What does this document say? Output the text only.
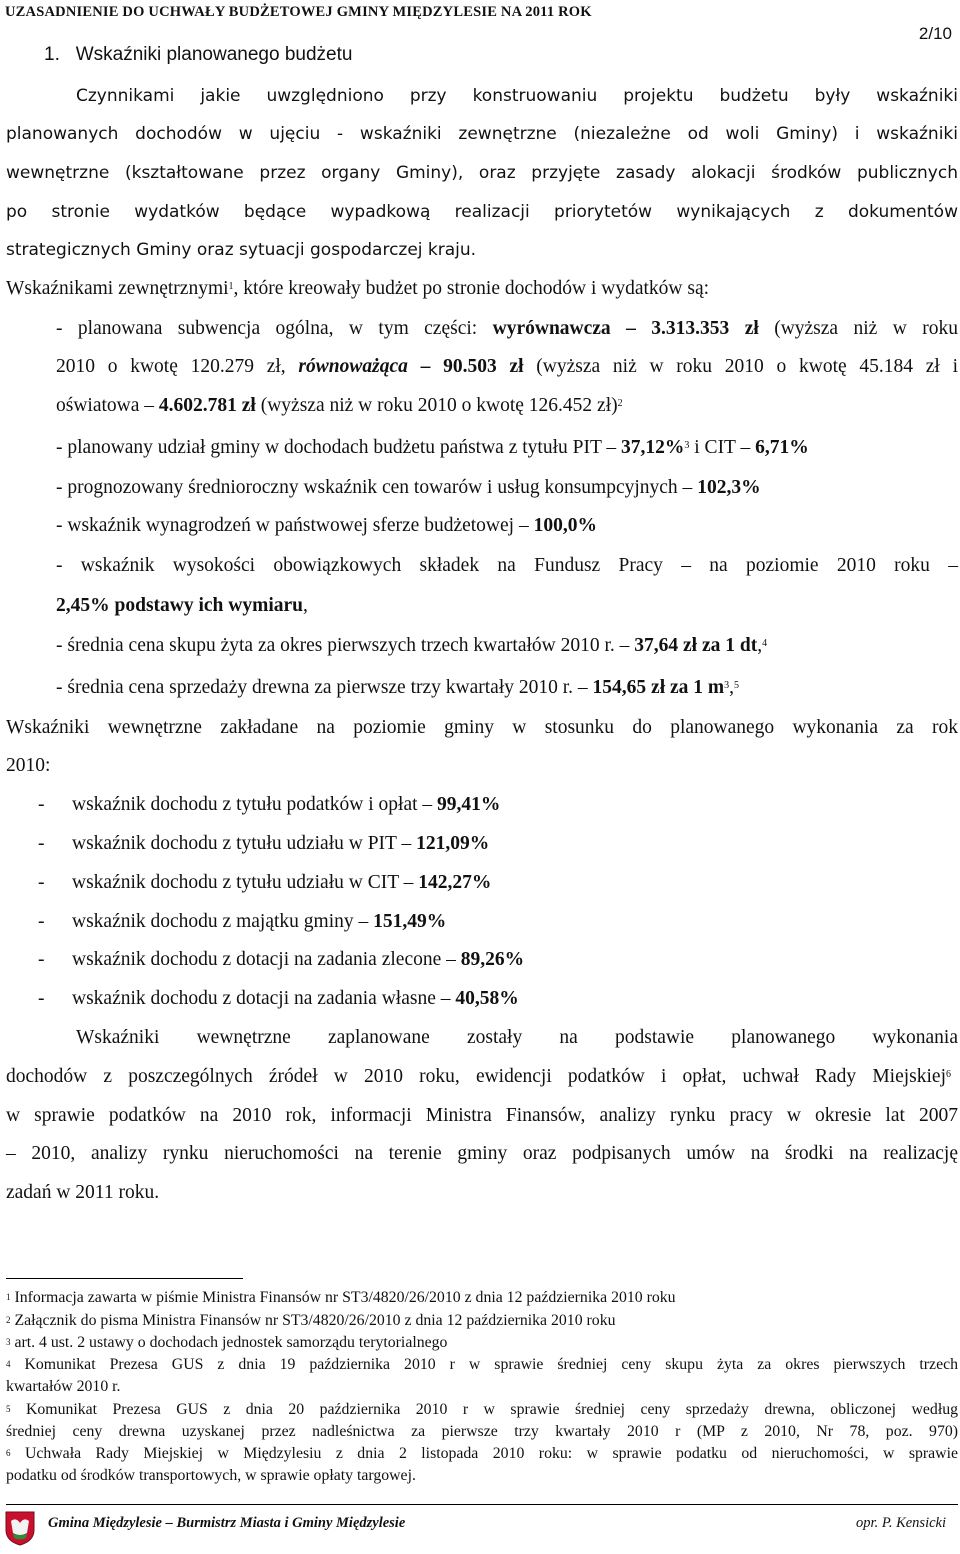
UZASADNIENIE DO UCHWAŁY BUDŻETOWEJ GMINY MIĘDZYLESIE NA 2011 ROK
2/10
1. Wskaźniki planowanego budżetu
Czynnikami jakie uwzględniono przy konstruowaniu projektu budżetu były wskaźniki
planowanych dochodów w ujęciu - wskaźniki zewnętrzne (niezależne od woli Gminy) i wskaźniki
wewnętrzne (kształtowane przez organy Gminy), oraz przyjęte zasady alokacji środków publicznych
po stronie wydatków będące wypadkową realizacji priorytetów wynikających z dokumentów
strategicznych Gminy oraz sytuacji gospodarczej kraju.
Wskaźnikami zewnętrznymi$^1$, które kreowały budżet po stronie dochodów i wydatków są:
- planowana subwencja ogólna, w tym części: wyrównawcza – 3.313.353 zł (wyższa niż w roku
2010 o kwotę 120.279 zł, równoważąca – 90.503 zł (wyższa niż w roku 2010 o kwotę 45.184 zł i
oświatowa – 4.602.781 zł (wyższa niż w roku 2010 o kwotę 126.452 zł)$^2$
- planowany udział gminy w dochodach budżetu państwa z tytułu PIT – 37,12%$^3$ i CIT – 6,71%
- prognozowany średnioroczny wskaźnik cen towarów i usług konsumpcyjnych – 102,3%
- wskaźnik wynagrodzeń w państwowej sferze budżetowej – 100,0%
- wskaźnik wysokości obowiązkowych składek na Fundusz Pracy – na poziomie 2010 roku –
2,45% podstawy ich wymiaru,
- średnia cena skupu żyta za okres pierwszych trzech kwartałów 2010 r. – 37,64 zł za 1 dt,$^4$
- średnia cena sprzedaży drewna za pierwsze trzy kwartały 2010 r. – 154,65 zł za 1 $m^3,^5$
Wskaźniki wewnętrzne zakładane na poziomie gminy w stosunku do planowanego wykonania za rok
2010:
- wskaźnik dochodu z tytułu podatków i opłat – 99,41%
- wskaźnik dochodu z tytułu udziału w PIT – 121,09%
- wskaźnik dochodu z tytułu udziału w CIT – 142,27%
- wskaźnik dochodu z majątku gminy – 151,49%
- wskaźnik dochodu z dotacji na zadania zlecone – 89,26%
- wskaźnik dochodu z dotacji na zadania własne – 40,58%
Wskaźniki wewnętrzne zaplanowane zostały na podstawie planowanego wykonania
dochodów z poszczególnych źródeł w 2010 roku, ewidencji podatków i opłat, uchwał Rady Miejskiej$^6$
w sprawie podatków na 2010 rok, informacji Ministra Finansów, analizy rynku pracy w okresie lat 2007
– 2010, analizy rynku nieruchomości na terenie gminy oraz podpisanych umów na środki na realizację
zadań w 2011 roku.
$^1$ Informacja zawarta w piśmie Ministra Finansów nr ST3/4820/26/2010 z dnia 12 października 2010 roku
$^2$ Załącznik do pisma Ministra Finansów nr ST3/4820/26/2010 z dnia 12 października 2010 roku
$^3$ art. 4 ust. 2 ustawy o dochodach jednostek samorządu terytorialnego
$^4$ Komunikat Prezesa GUS z dnia 19 października 2010 r w sprawie średniej ceny skupu żyta za okres pierwszych trzech
kwartałów 2010 r.
$^5$ Komunikat Prezesa GUS z dnia 20 października 2010 r w sprawie średniej ceny sprzedaży drewna, obliczonej według
średniej ceny drewna uzyskanej przez nadleśnictwa za pierwsze trzy kwartały 2010 r (MP z 2010, Nr 78, poz. 970)
$^6$ Uchwała Rady Miejskiej w Międzylesiu z dnia 2 listopada 2010 roku: w sprawie podatku od nieruchomości, w sprawie
podatku od środków transportowych, w sprawie opłaty targowej.
Gmina Międzylesie – Burmistrz Miasta i Gminy Międzylesie	opr. P. Kensicki
